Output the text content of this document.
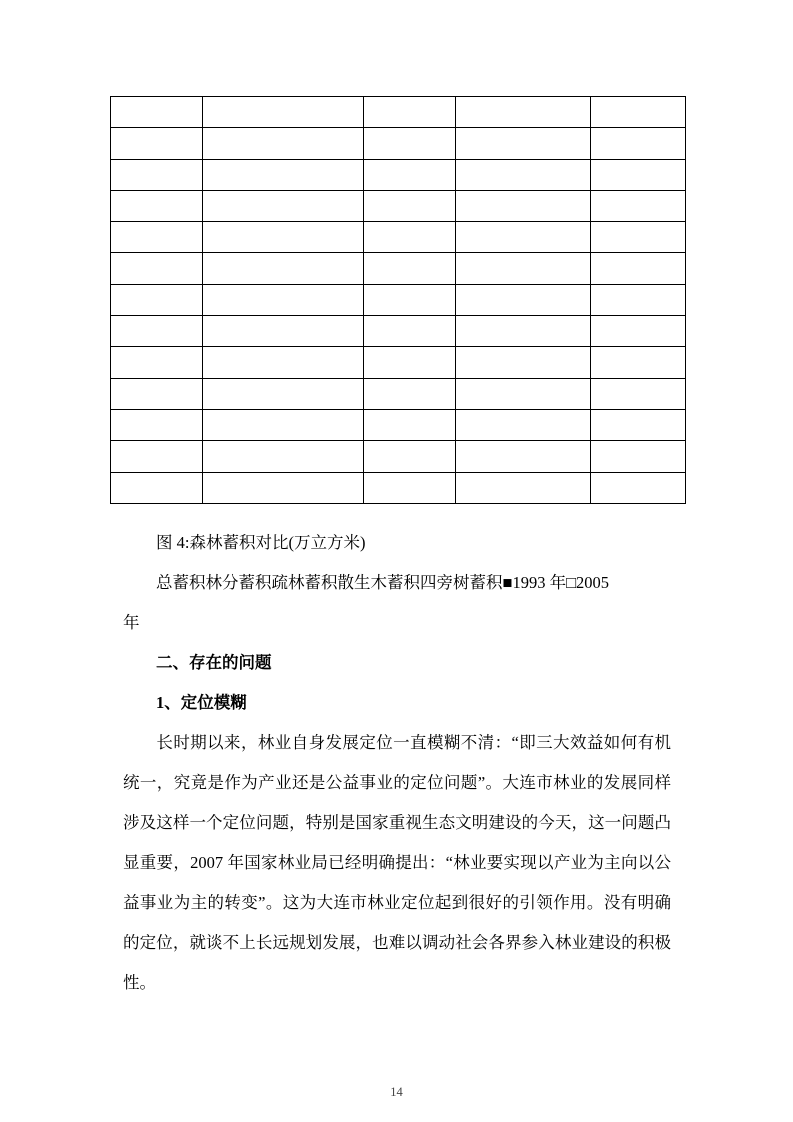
图 4:森林蓄积对比(万立方米)
总蓄积林分蓄积疏林蓄积散生木蓄积四旁树蓄积■1993 年□2005
年
二、存在的问题
1、定位模糊
长时期以来，林业自身发展定位一直模糊不清：“即三大效益如何有机统一，究竟是作为产业还是公益事业的定位问题”。大连市林业的发展同样涉及这样一个定位问题，特别是国家重视生态文明建设的今天，这一问题凸显重要，2007 年国家林业局已经明确提出：“林业要实现以产业为主向以公益事业为主的转变”。这为大连市林业定位起到很好的引领作用。没有明确的定位，就谈不上长远规划发展，也难以调动社会各界参入林业建设的积极性。
14
